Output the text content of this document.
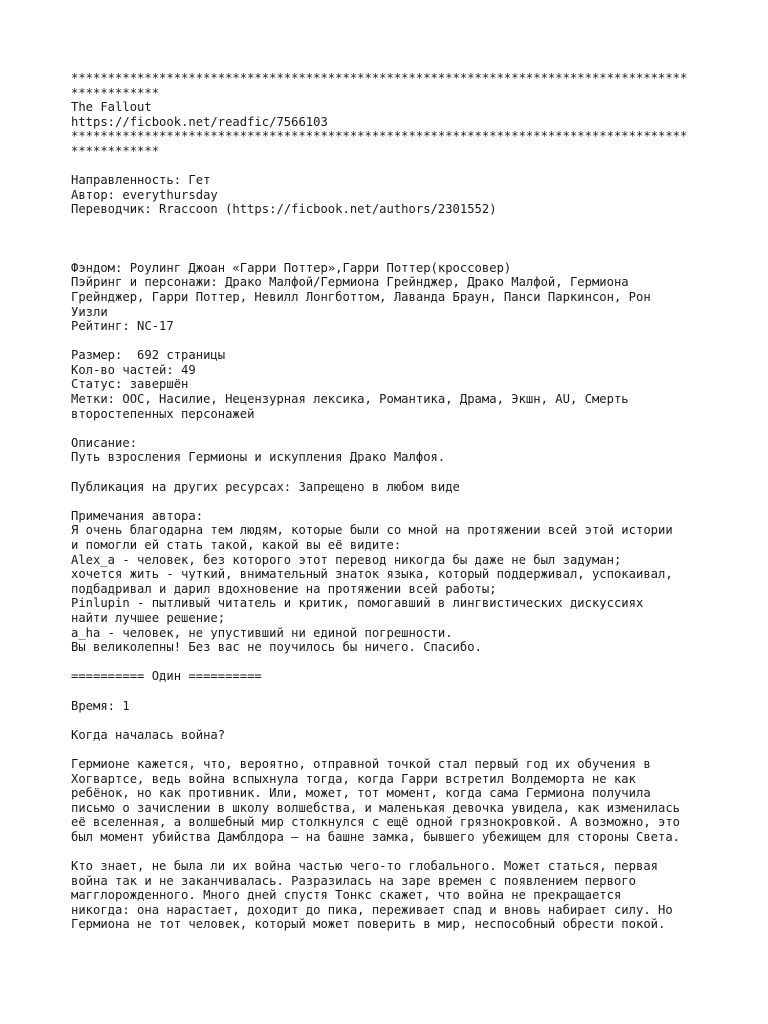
************************************************************************************
************
The Fallout
https://ficbook.net/readfic/7566103
************************************************************************************
************
Направленность: Гет
Автор: everythursday
Переводчик: Rraccoon (https://ficbook.net/authors/2301552)
Фэндом: Роулинг Джоан «Гарри Поттер»,Гарри Поттер(кроссовер)
Пэйринг и персонажи: Драко Малфой/Гермиона Грейнджер, Драко Малфой, Гермиона
Грейнджер, Гарри Поттер, Невилл Лонгботтом, Лаванда Браун, Панси Паркинсон, Рон
Уизли
Рейтинг: NC-17
Размер:  692 страницы
Кол-во частей: 49
Статус: завершён
Метки: ООС, Насилие, Нецензурная лексика, Романтика, Драма, Экшн, AU, Смерть
второстепенных персонажей
Описание:
Путь взросления Гермионы и искупления Драко Малфоя.
Публикация на других ресурсах: Запрещено в любом виде
Примечания автора:
Я очень благодарна тем людям, которые были со мной на протяжении всей этой истории
и помогли ей стать такой, какой вы её видите:
Alex_a - человек, без которого этот перевод никогда бы даже не был задуман;
хочется жить - чуткий, внимательный знаток языка, который поддерживал, успокаивал,
подбадривал и дарил вдохновение на протяжении всей работы;
Pinlupin - пытливый читатель и критик, помогавший в лингвистических дискуссиях
найти лучшее решение;
a_ha - человек, не упустивший ни единой погрешности.
Вы великолепны! Без вас не поучилось бы ничего. Спасибо.
========== Один ==========
Время: 1
Когда началась война?
Гермионе кажется, что, вероятно, отправной точкой стал первый год их обучения в
Хогвартсе, ведь война вспыхнула тогда, когда Гарри встретил Волдеморта не как
ребёнок, но как противник. Или, может, тот момент, когда сама Гермиона получила
письмо о зачислении в школу волшебства, и маленькая девочка увидела, как изменилась
её вселенная, а волшебный мир столкнулся с ещё одной грязнокровкой. А возможно, это
был момент убийства Дамблдора — на башне замка, бывшего убежищем для стороны Света.
Кто знает, не была ли их война частью чего-то глобального. Может статься, первая
война так и не заканчивалась. Разразилась на заре времен с появлением первого
магглорожденного. Много дней спустя Тонкс скажет, что война не прекращается
никогда: она нарастает, доходит до пика, переживает спад и вновь набирает силу. Но
Гермиона не тот человек, который может поверить в мир, неспособный обрести покой.
